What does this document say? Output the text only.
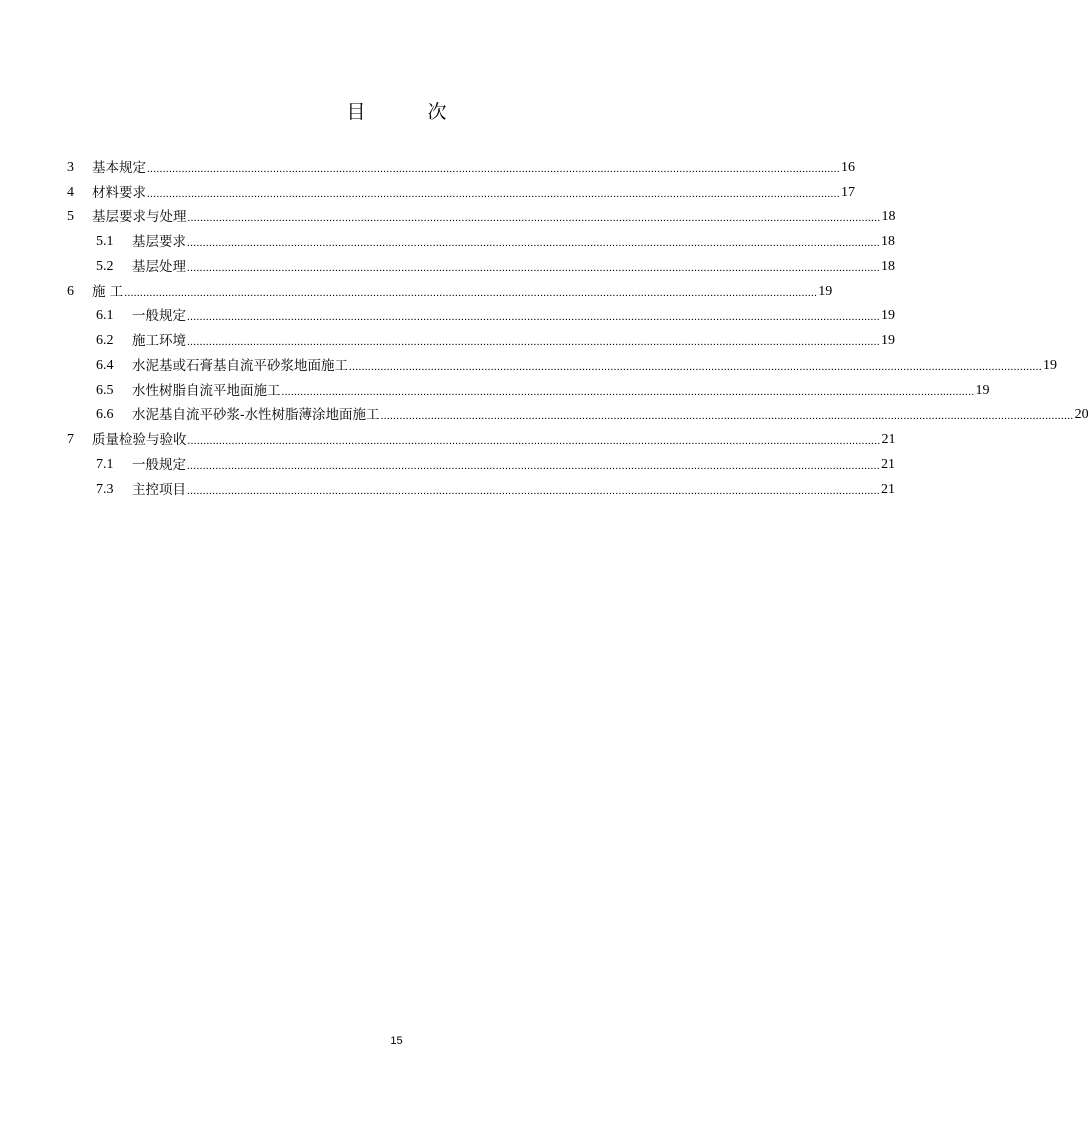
目 次
3	基本规定 ............................................................................................................................................................................................................................ 16
4	材料要求 ............................................................................................................................................................................................................................ 17
5	基层要求与处理 ............................................................................................................................................................................................................................ 18
5.1	基层要求 ............................................................................................................................................................................................................................ 18
5.2	基层处理 ............................................................................................................................................................................................................................ 18
6	施 工 ............................................................................................................................................................................................................................ 19
6.1	一般规定 ............................................................................................................................................................................................................................ 19
6.2	施工环境 ............................................................................................................................................................................................................................ 19
6.4	水泥基或石膏基自流平砂浆地面施工 ............................................................................................................................................................................................................................ 19
6.5	水性树脂自流平地面施工 ............................................................................................................................................................................................................................ 19
6.6	水泥基自流平砂浆-水性树脂薄涂地面施工 ............................................................................................................................................................................................................................ 20
7	质量检验与验收 ............................................................................................................................................................................................................................ 21
7.1	一般规定 ............................................................................................................................................................................................................................ 21
7.3	主控项目 ............................................................................................................................................................................................................................ 21
15
